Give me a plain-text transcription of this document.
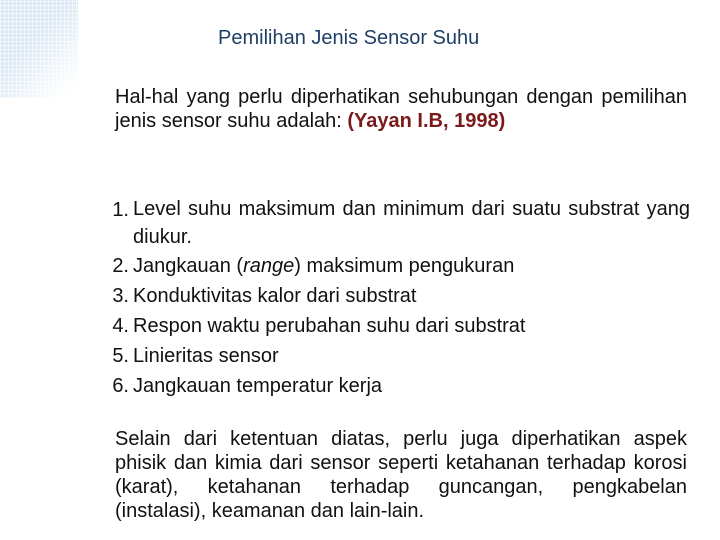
Pemilihan Jenis Sensor Suhu
Hal-hal yang perlu diperhatikan sehubungan dengan pemilihan jenis sensor suhu adalah: (Yayan I.B, 1998)
1. Level suhu maksimum dan minimum dari suatu substrat yang diukur.
2. Jangkauan (range) maksimum pengukuran
3. Konduktivitas kalor dari substrat
4. Respon waktu perubahan suhu dari substrat
5. Linieritas sensor
6. Jangkauan temperatur kerja
Selain dari ketentuan diatas, perlu juga diperhatikan aspek phisik dan kimia dari sensor seperti ketahanan terhadap korosi (karat), ketahanan terhadap guncangan, pengkabelan (instalasi), keamanan dan lain-lain.
